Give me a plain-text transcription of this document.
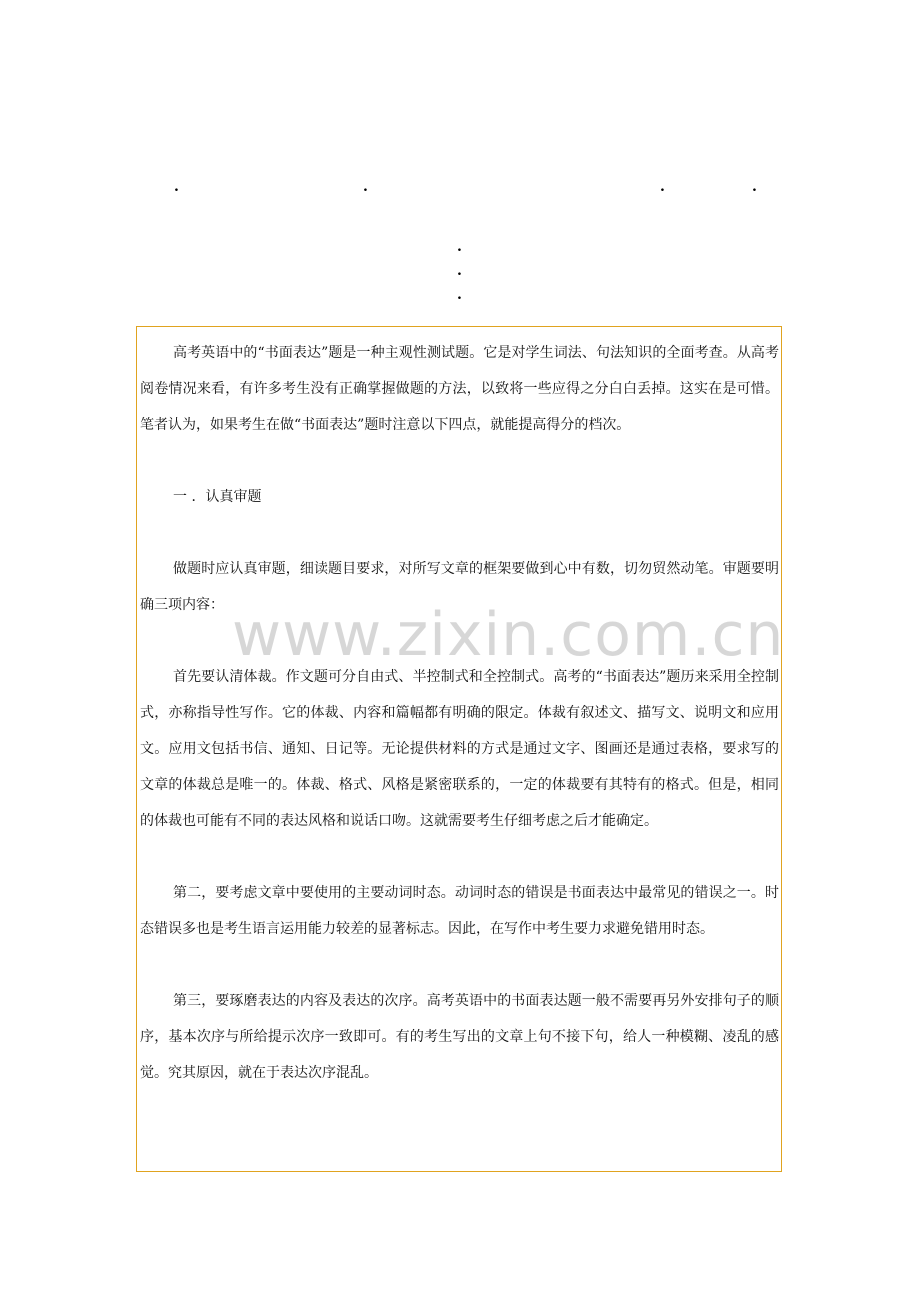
.	.	.	.
.
.
.
www.zixin.com.cn

高考英语中的“书面表达”题是一种主观性测试题。它是对学生词法、句法知识的全面考查。从高考阅卷情况来看，有许多考生没有正确掌握做题的方法，以致将一些应得之分白白丢掉。这实在是可惜。笔者认为，如果考生在做“书面表达”题时注意以下四点，就能提高得分的档次。

一 ．认真审题

做题时应认真审题，细读题目要求，对所写文章的框架要做到心中有数，切勿贸然动笔。审题要明确三项内容：

首先要认清体裁。作文题可分自由式、半控制式和全控制式。高考的“书面表达”题历来采用全控制式，亦称指导性写作。它的体裁、内容和篇幅都有明确的限定。体裁有叙述文、描写文、说明文和应用文。应用文包括书信、通知、日记等。无论提供材料的方式是通过文字、图画还是通过表格，要求写的文章的体裁总是唯一的。体裁、格式、风格是紧密联系的，一定的体裁要有其特有的格式。但是，相同的体裁也可能有不同的表达风格和说话口吻。这就需要考生仔细考虑之后才能确定。

第二，要考虑文章中要使用的主要动词时态。动词时态的错误是书面表达中最常见的错误之一。时态错误多也是考生语言运用能力较差的显著标志。因此，在写作中考生要力求避免错用时态。

第三，要琢磨表达的内容及表达的次序。高考英语中的书面表达题一般不需要再另外安排句子的顺序，基本次序与所给提示次序一致即可。有的考生写出的文章上句不接下句，给人一种模糊、凌乱的感觉。究其原因，就在于表达次序混乱。
